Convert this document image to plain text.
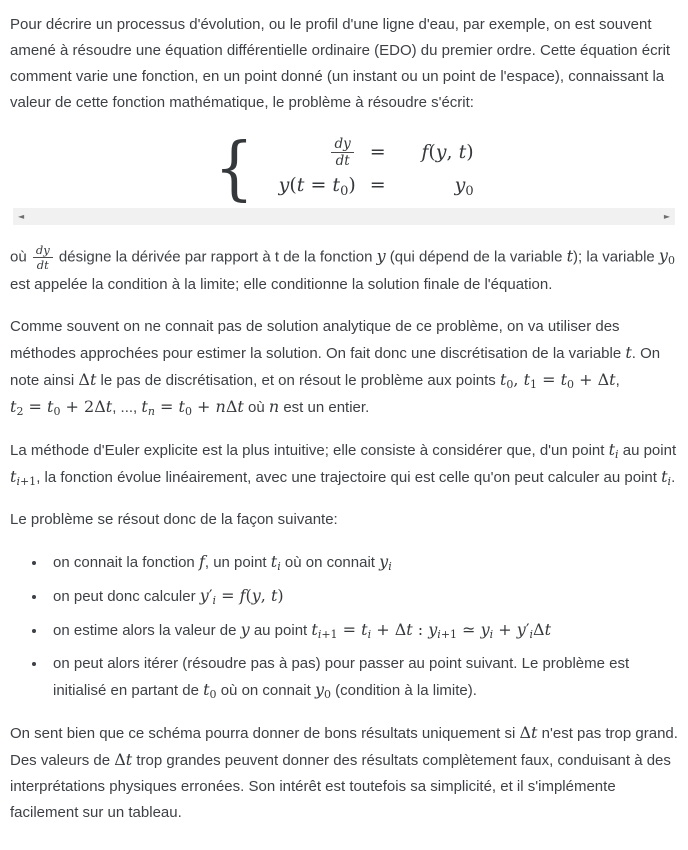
Pour décrire un processus d'évolution, ou le profil d'une ligne d'eau, par exemple, on est souvent amené à résoudre une équation différentielle ordinaire (EDO) du premier ordre. Cette équation écrit comment varie une fonction, en un point donné (un instant ou un point de l'espace), connaissant la valeur de cette fonction mathématique, le problème à résoudre s'écrit:

{	$\frac{dy}{dt}$ =	f(y, t)
$y(t = t_0)$ =	$y_0$
◄	►

où $\frac{dy}{dt}$ désigne la dérivée par rapport à t de la fonction y (qui dépend de la variable t); la variable $y_0$ est appelée la condition à la limite; elle conditionne la solution finale de l'équation.

Comme souvent on ne connait pas de solution analytique de ce problème, on va utiliser des méthodes approchées pour estimer la solution. On fait donc une discrétisation de la variable t. On note ainsi Δt le pas de discrétisation, et on résout le problème aux points $t_0$, $t_1 = t_0 + \Delta t$, $t_2 = t_0 + 2\Delta t$, ..., $t_n = t_0 + n\Delta t$ où n est un entier.

La méthode d'Euler explicite est la plus intuitive; elle consiste à considérer que, d'un point $t_i$ au point $t_{i+1}$, la fonction évolue linéairement, avec une trajectoire qui est celle qu'on peut calculer au point $t_i$.

Le problème se résout donc de la façon suivante:

• on connait la fonction f, un point $t_i$ où on connait $y_i$
• on peut donc calculer $y'_i = f(y$, t)
• on estime alors la valeur de y au point $t_{i+1} = t_i + \Delta t$ : $y_{i+1}$ ≃ $y_i + y'_i\Delta t$
• on peut alors itérer (résoudre pas à pas) pour passer au point suivant. Le problème est initialisé en partant de $t_0$ où on connait $y_0$ (condition à la limite).

On sent bien que ce schéma pourra donner de bons résultats uniquement si Δt n'est pas trop grand. Des valeurs de Δt trop grandes peuvent donner des résultats complètement faux, conduisant à des interprétations physiques erronées. Son intérêt est toutefois sa simplicité, et il s'implémente facilement sur un tableau.
